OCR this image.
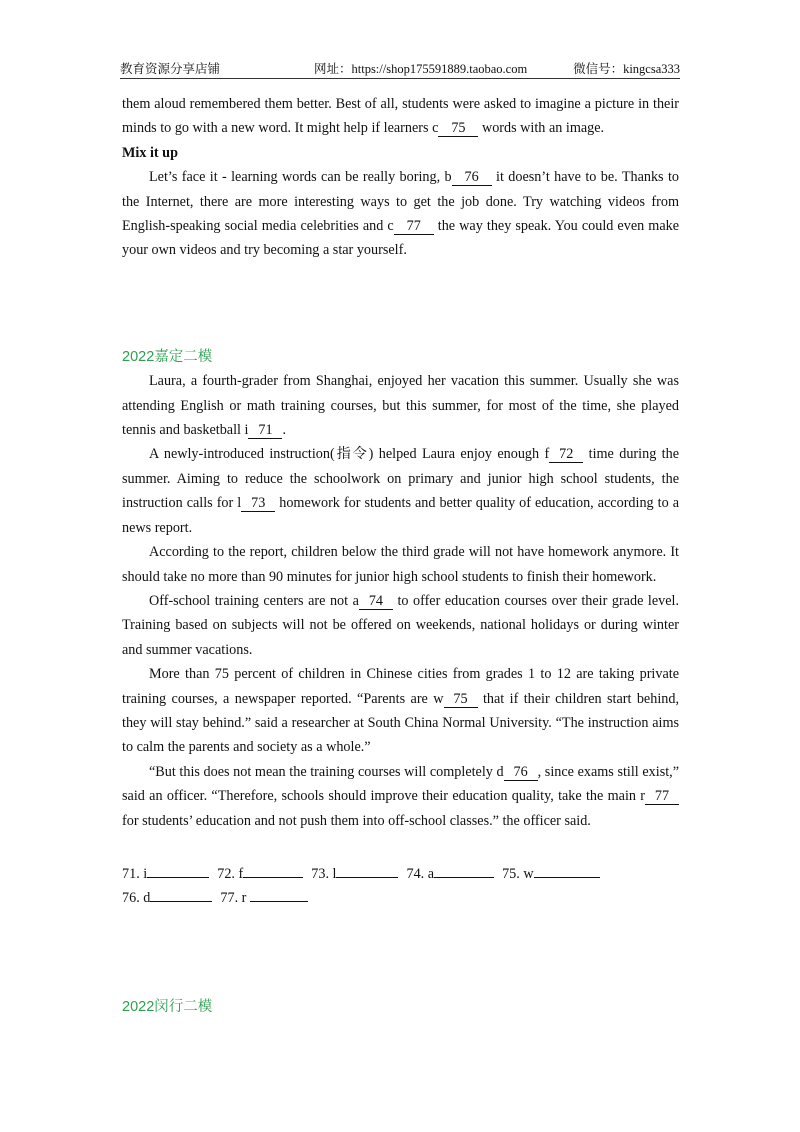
教育资源分享店铺	网址：https://shop175591889.taobao.com	微信号：kingcsa333

them aloud remembered them better. Best of all, students were asked to imagine a picture in their minds to go with a new word. It might help if learners c 75 words with an image.

Mix it up

Let’s face it - learning words can be really boring, b 76 it doesn’t have to be. Thanks to the Internet, there are more interesting ways to get the job done. Try watching videos from English-speaking social media celebrities and c 77 the way they speak. You could even make your own videos and try becoming a star yourself.

2022嘉定二模

Laura, a fourth-grader from Shanghai, enjoyed her vacation this summer. Usually she was attending English or math training courses, but this summer, for most of the time, she played tennis and basketball i 71 .

A newly-introduced instruction(指令) helped Laura enjoy enough f 72 time during the summer. Aiming to reduce the schoolwork on primary and junior high school students, the instruction calls for l 73 homework for students and better quality of education, according to a news report.

According to the report, children below the third grade will not have homework anymore. It should take no more than 90 minutes for junior high school students to finish their homework.

Off-school training centers are not a 74 to offer education courses over their grade level. Training based on subjects will not be offered on weekends, national holidays or during winter and summer vacations.

More than 75 percent of children in Chinese cities from grades 1 to 12 are taking private training courses, a newspaper reported. “Parents are w 75 that if their children start behind, they will stay behind.” said a researcher at South China Normal University. “The instruction aims to calm the parents and society as a whole.”

“But this does not mean the training courses will completely d 76 , since exams still exist,” said an officer. “Therefore, schools should improve their education quality, take the main r 77 for students’ education and not push them into off-school classes.” the officer said.

71. i	72. f	73. l	74. a	75. w

76. d	77. r

2022闵行二模
